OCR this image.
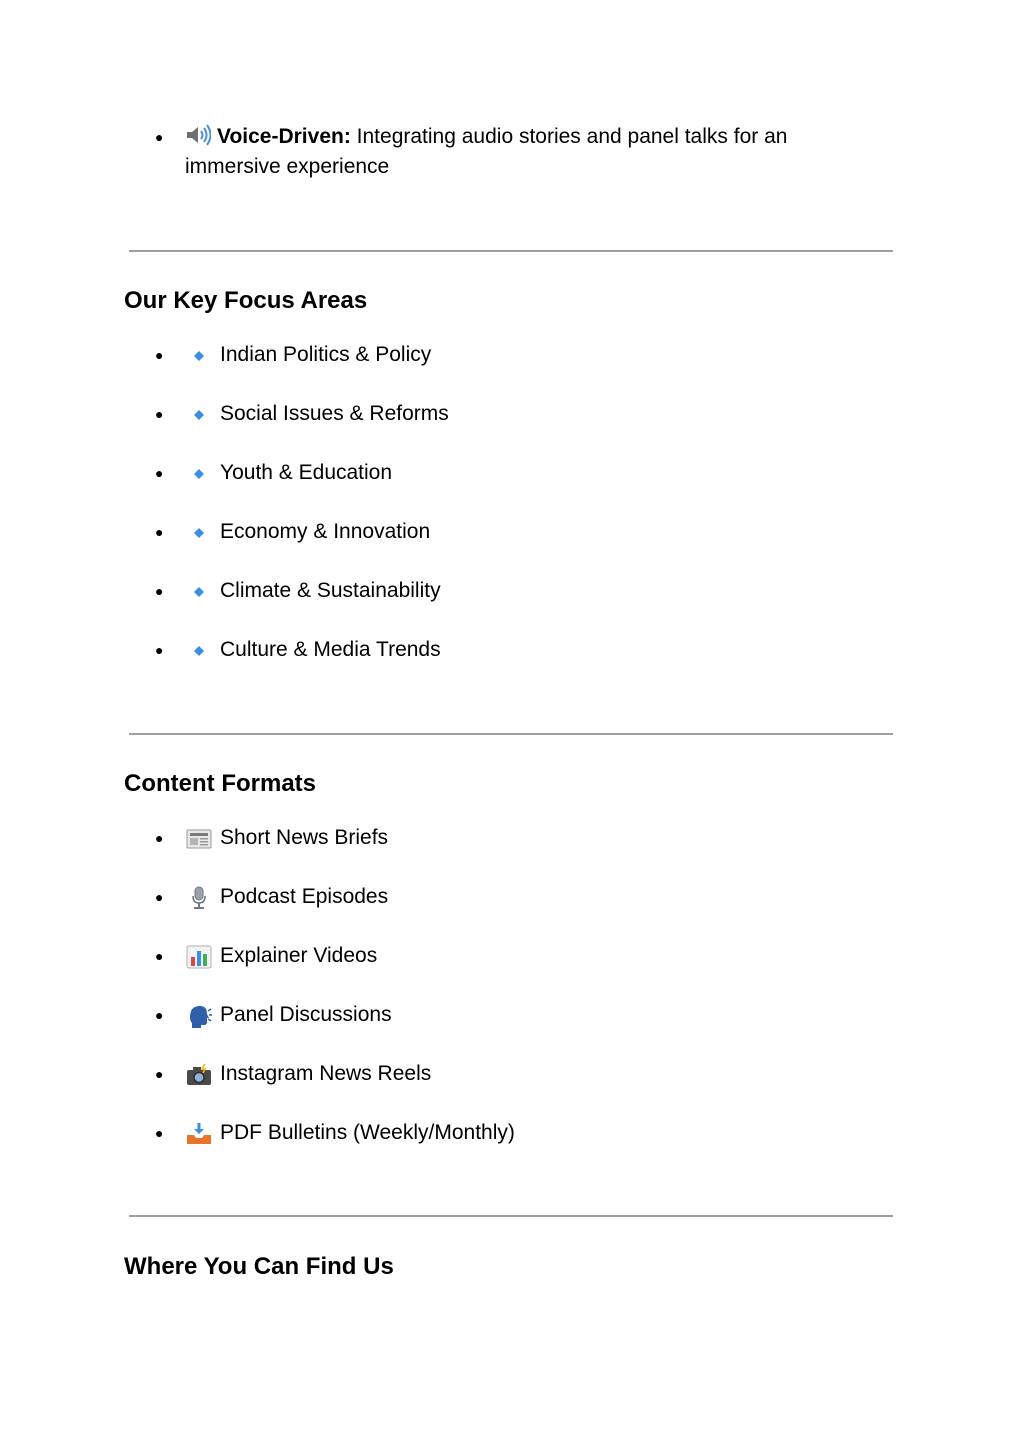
●	Voice-Driven: Integrating audio stories and panel talks for an immersive experience
Our Key Focus Areas
●	Indian Politics & Policy
●	Social Issues & Reforms
●	Youth & Education
●	Economy & Innovation
●	Climate & Sustainability
●	Culture & Media Trends
Content Formats
●	Short News Briefs
●	Podcast Episodes
●	Explainer Videos
●	Panel Discussions
●	Instagram News Reels
●	PDF Bulletins (Weekly/Monthly)
Where You Can Find Us
